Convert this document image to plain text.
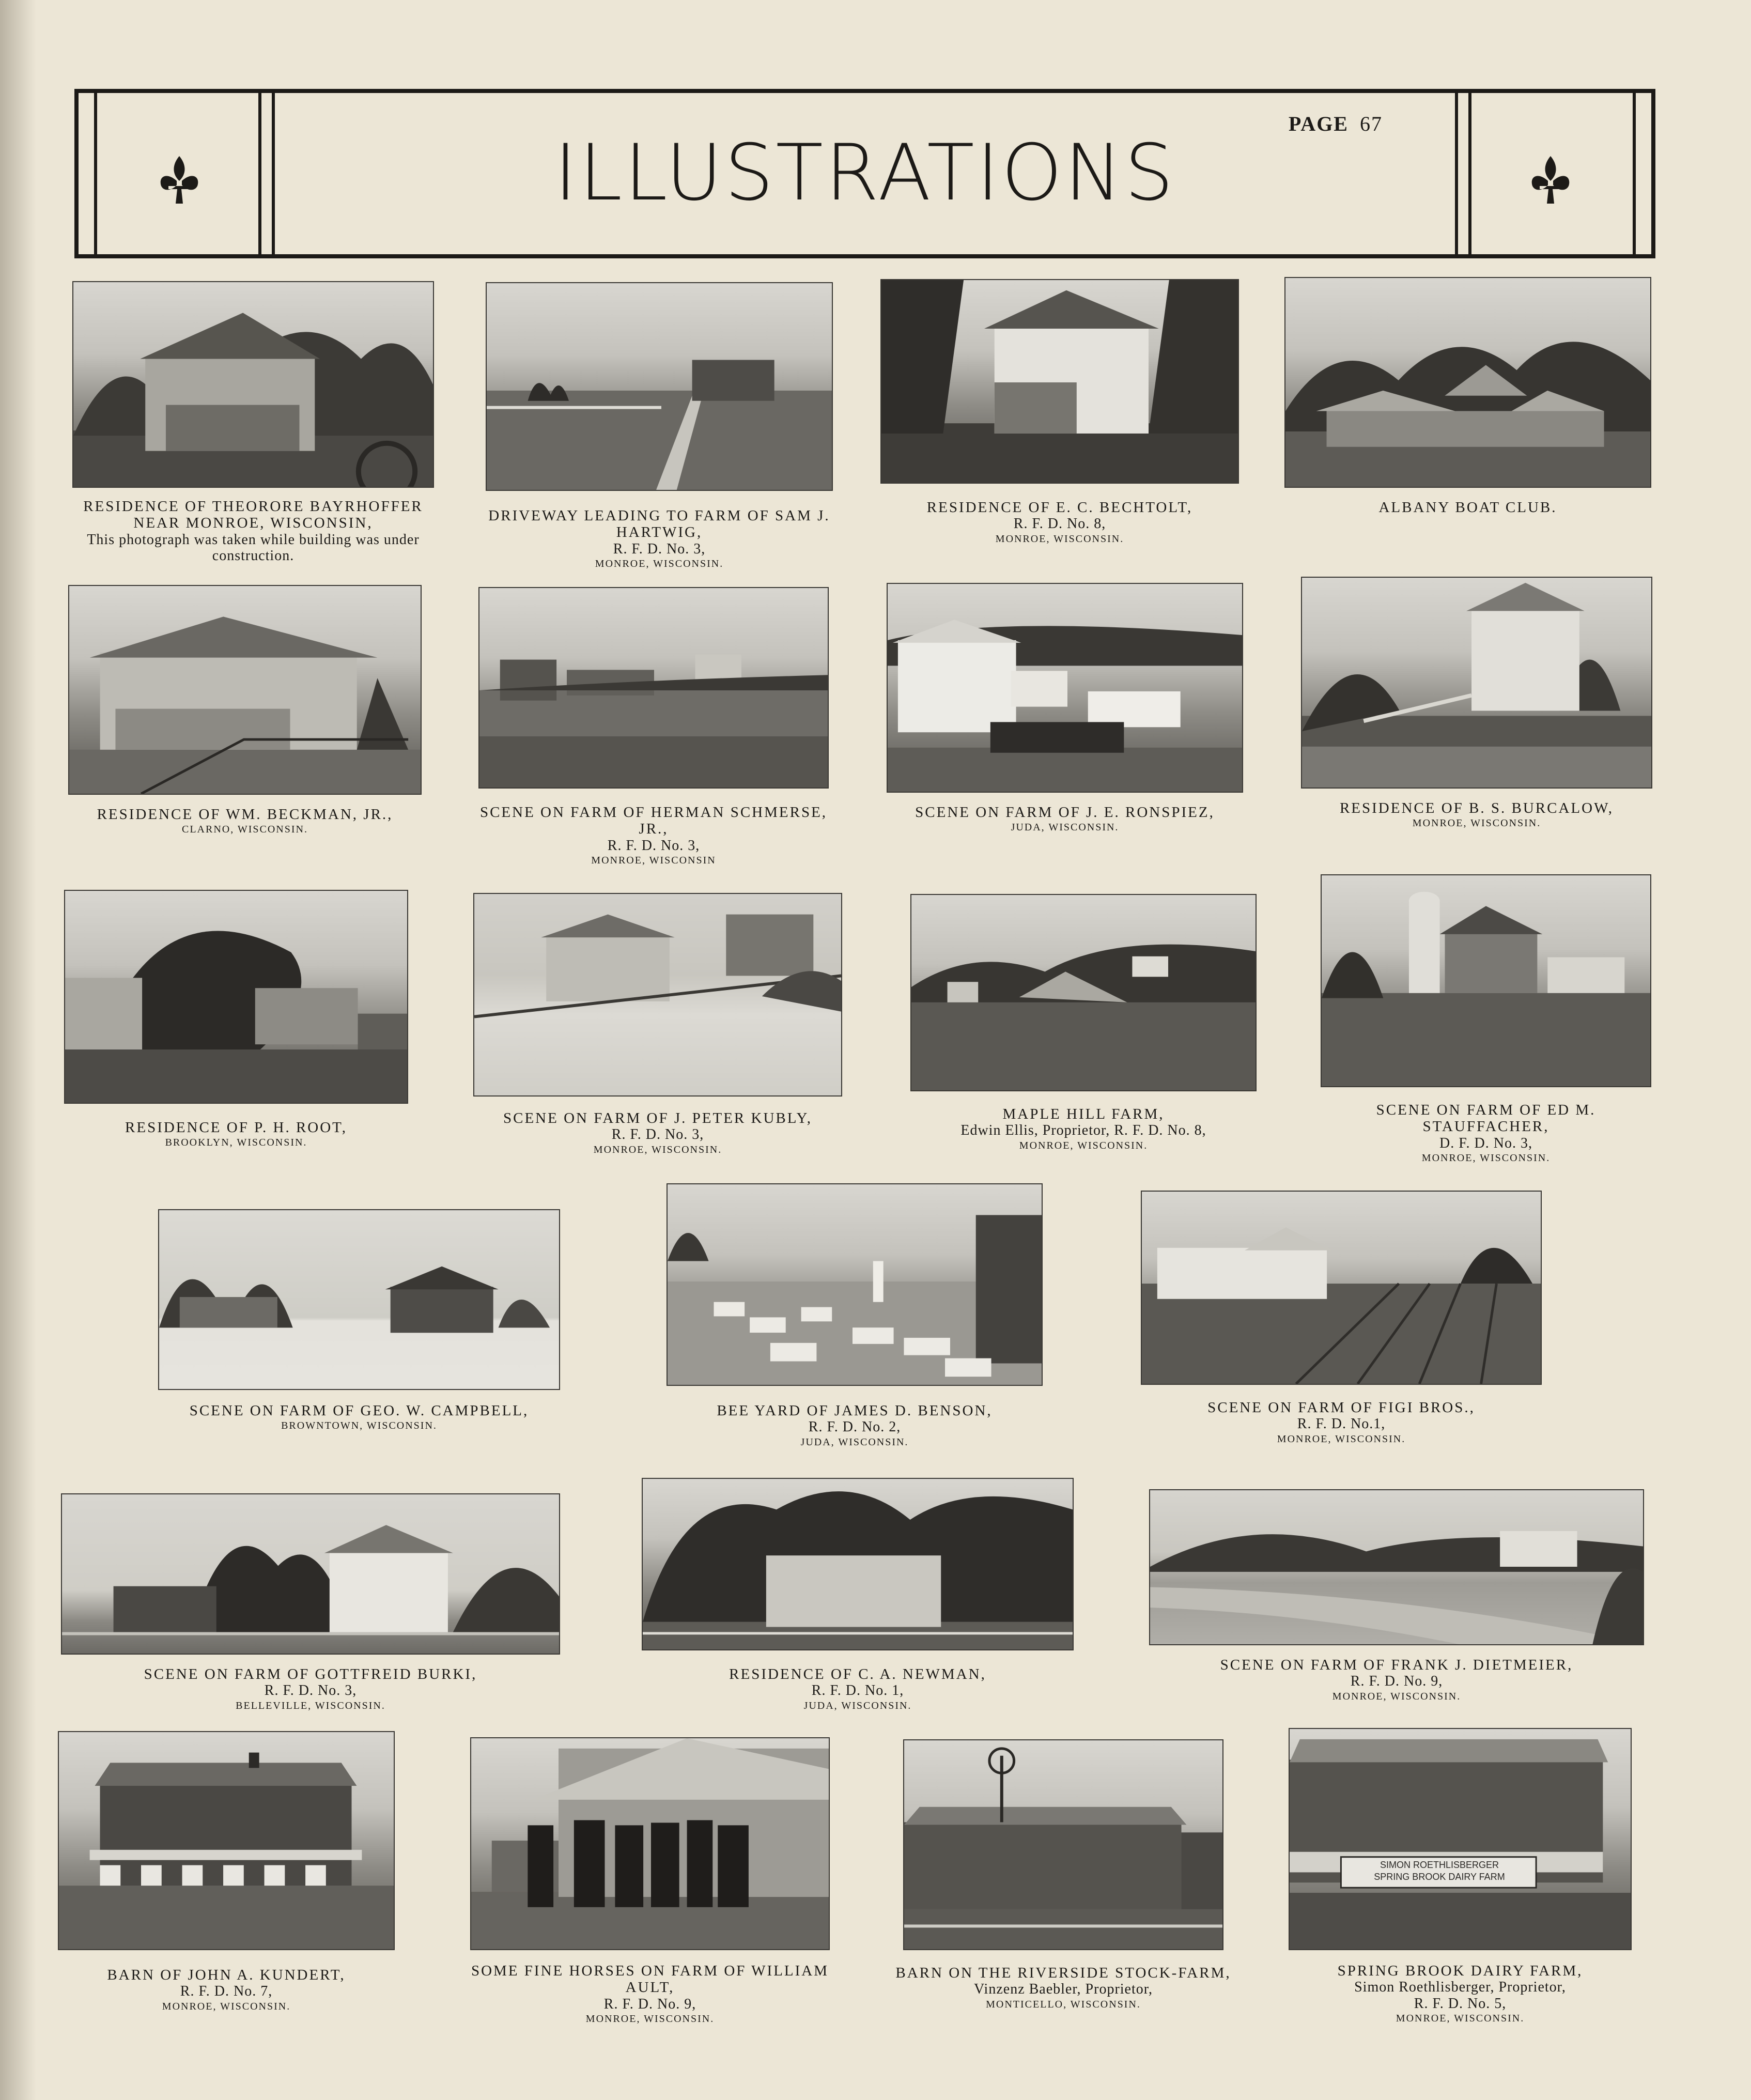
PAGE 67
ILLUSTRATIONS
RESIDENCE OF THEORORE BAYRHOFFER
NEAR MONROE, WISCONSIN,
This photograph was taken while building was under construction.
DRIVEWAY LEADING TO FARM OF SAM J. HARTWIG,
R. F. D. No. 3,
MONROE, WISCONSIN.
RESIDENCE OF E. C. BECHTOLT,
R. F. D. No. 8,
MONROE, WISCONSIN.
ALBANY BOAT CLUB.
RESIDENCE OF WM. BECKMAN, JR.,
CLARNO, WISCONSIN.
SCENE ON FARM OF HERMAN SCHMERSE, JR.,
R. F. D. No. 3,
MONROE, WISCONSIN
SCENE ON FARM OF J. E. RONSPIEZ,
JUDA, WISCONSIN.
RESIDENCE OF B. S. BURCALOW,
MONROE, WISCONSIN.
RESIDENCE OF P. H. ROOT,
BROOKLYN, WISCONSIN.
SCENE ON FARM OF J. PETER KUBLY,
R. F. D. No. 3,
MONROE, WISCONSIN.
MAPLE HILL FARM,
Edwin Ellis, Proprietor, R. F. D. No. 8,
MONROE, WISCONSIN.
SCENE ON FARM OF ED M. STAUFFACHER,
D. F. D. No. 3,
MONROE, WISCONSIN.
SCENE ON FARM OF GEO. W. CAMPBELL,
BROWNTOWN, WISCONSIN.
BEE YARD OF JAMES D. BENSON,
R. F. D. No. 2,
JUDA, WISCONSIN.
SCENE ON FARM OF FIGI BROS.,
R. F. D. No.1,
MONROE, WISCONSIN.
SCENE ON FARM OF GOTTFREID BURKI,
R. F. D. No. 3,
BELLEVILLE, WISCONSIN.
RESIDENCE OF C. A. NEWMAN,
R. F. D. No. 1,
JUDA, WISCONSIN.
SCENE ON FARM OF FRANK J. DIETMEIER,
R. F. D. No. 9,
MONROE, WISCONSIN.
BARN OF JOHN A. KUNDERT,
R. F. D. No. 7,
MONROE, WISCONSIN.
SOME FINE HORSES ON FARM OF WILLIAM AULT,
R. F. D. No. 9,
MONROE, WISCONSIN.
BARN ON THE RIVERSIDE STOCK-FARM,
Vinzenz Baebler, Proprietor,
MONTICELLO, WISCONSIN.
SIMON ROETHLISBERGER
SPRING BROOK DAIRY FARM
SPRING BROOK DAIRY FARM,
Simon Roethlisberger, Proprietor,
R. F. D. No. 5,
MONROE, WISCONSIN.
